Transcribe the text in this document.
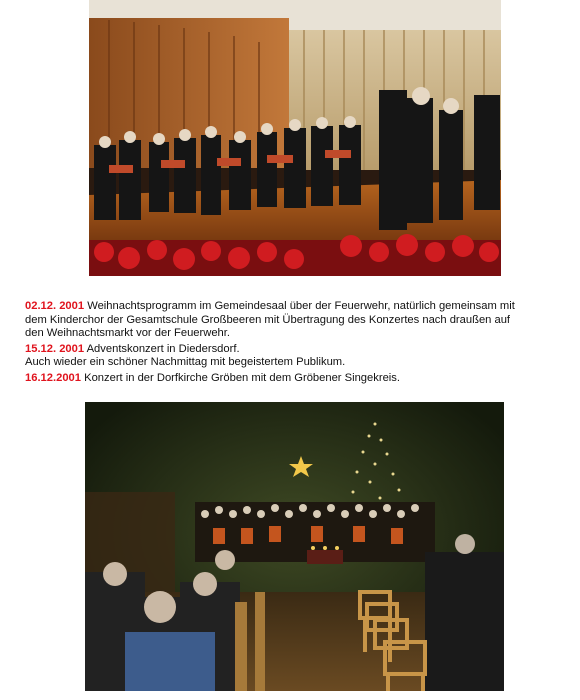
02.12. 2001 Weihnachtsprogramm im Gemeindesaal über der Feuerwehr, natürlich gemeinsam mit
dem Kinderchor der Gesamtschule Großbeeren mit Übertragung des Konzertes nach draußen auf
den Weihnachtsmarkt vor der Feuerwehr.

15.12. 2001 Adventskonzert in Diedersdorf.
Auch wieder ein schöner Nachmittag mit begeistertem Publikum.

16.12.2001 Konzert in der Dorfkirche Gröben mit dem Gröbener Singekreis.
